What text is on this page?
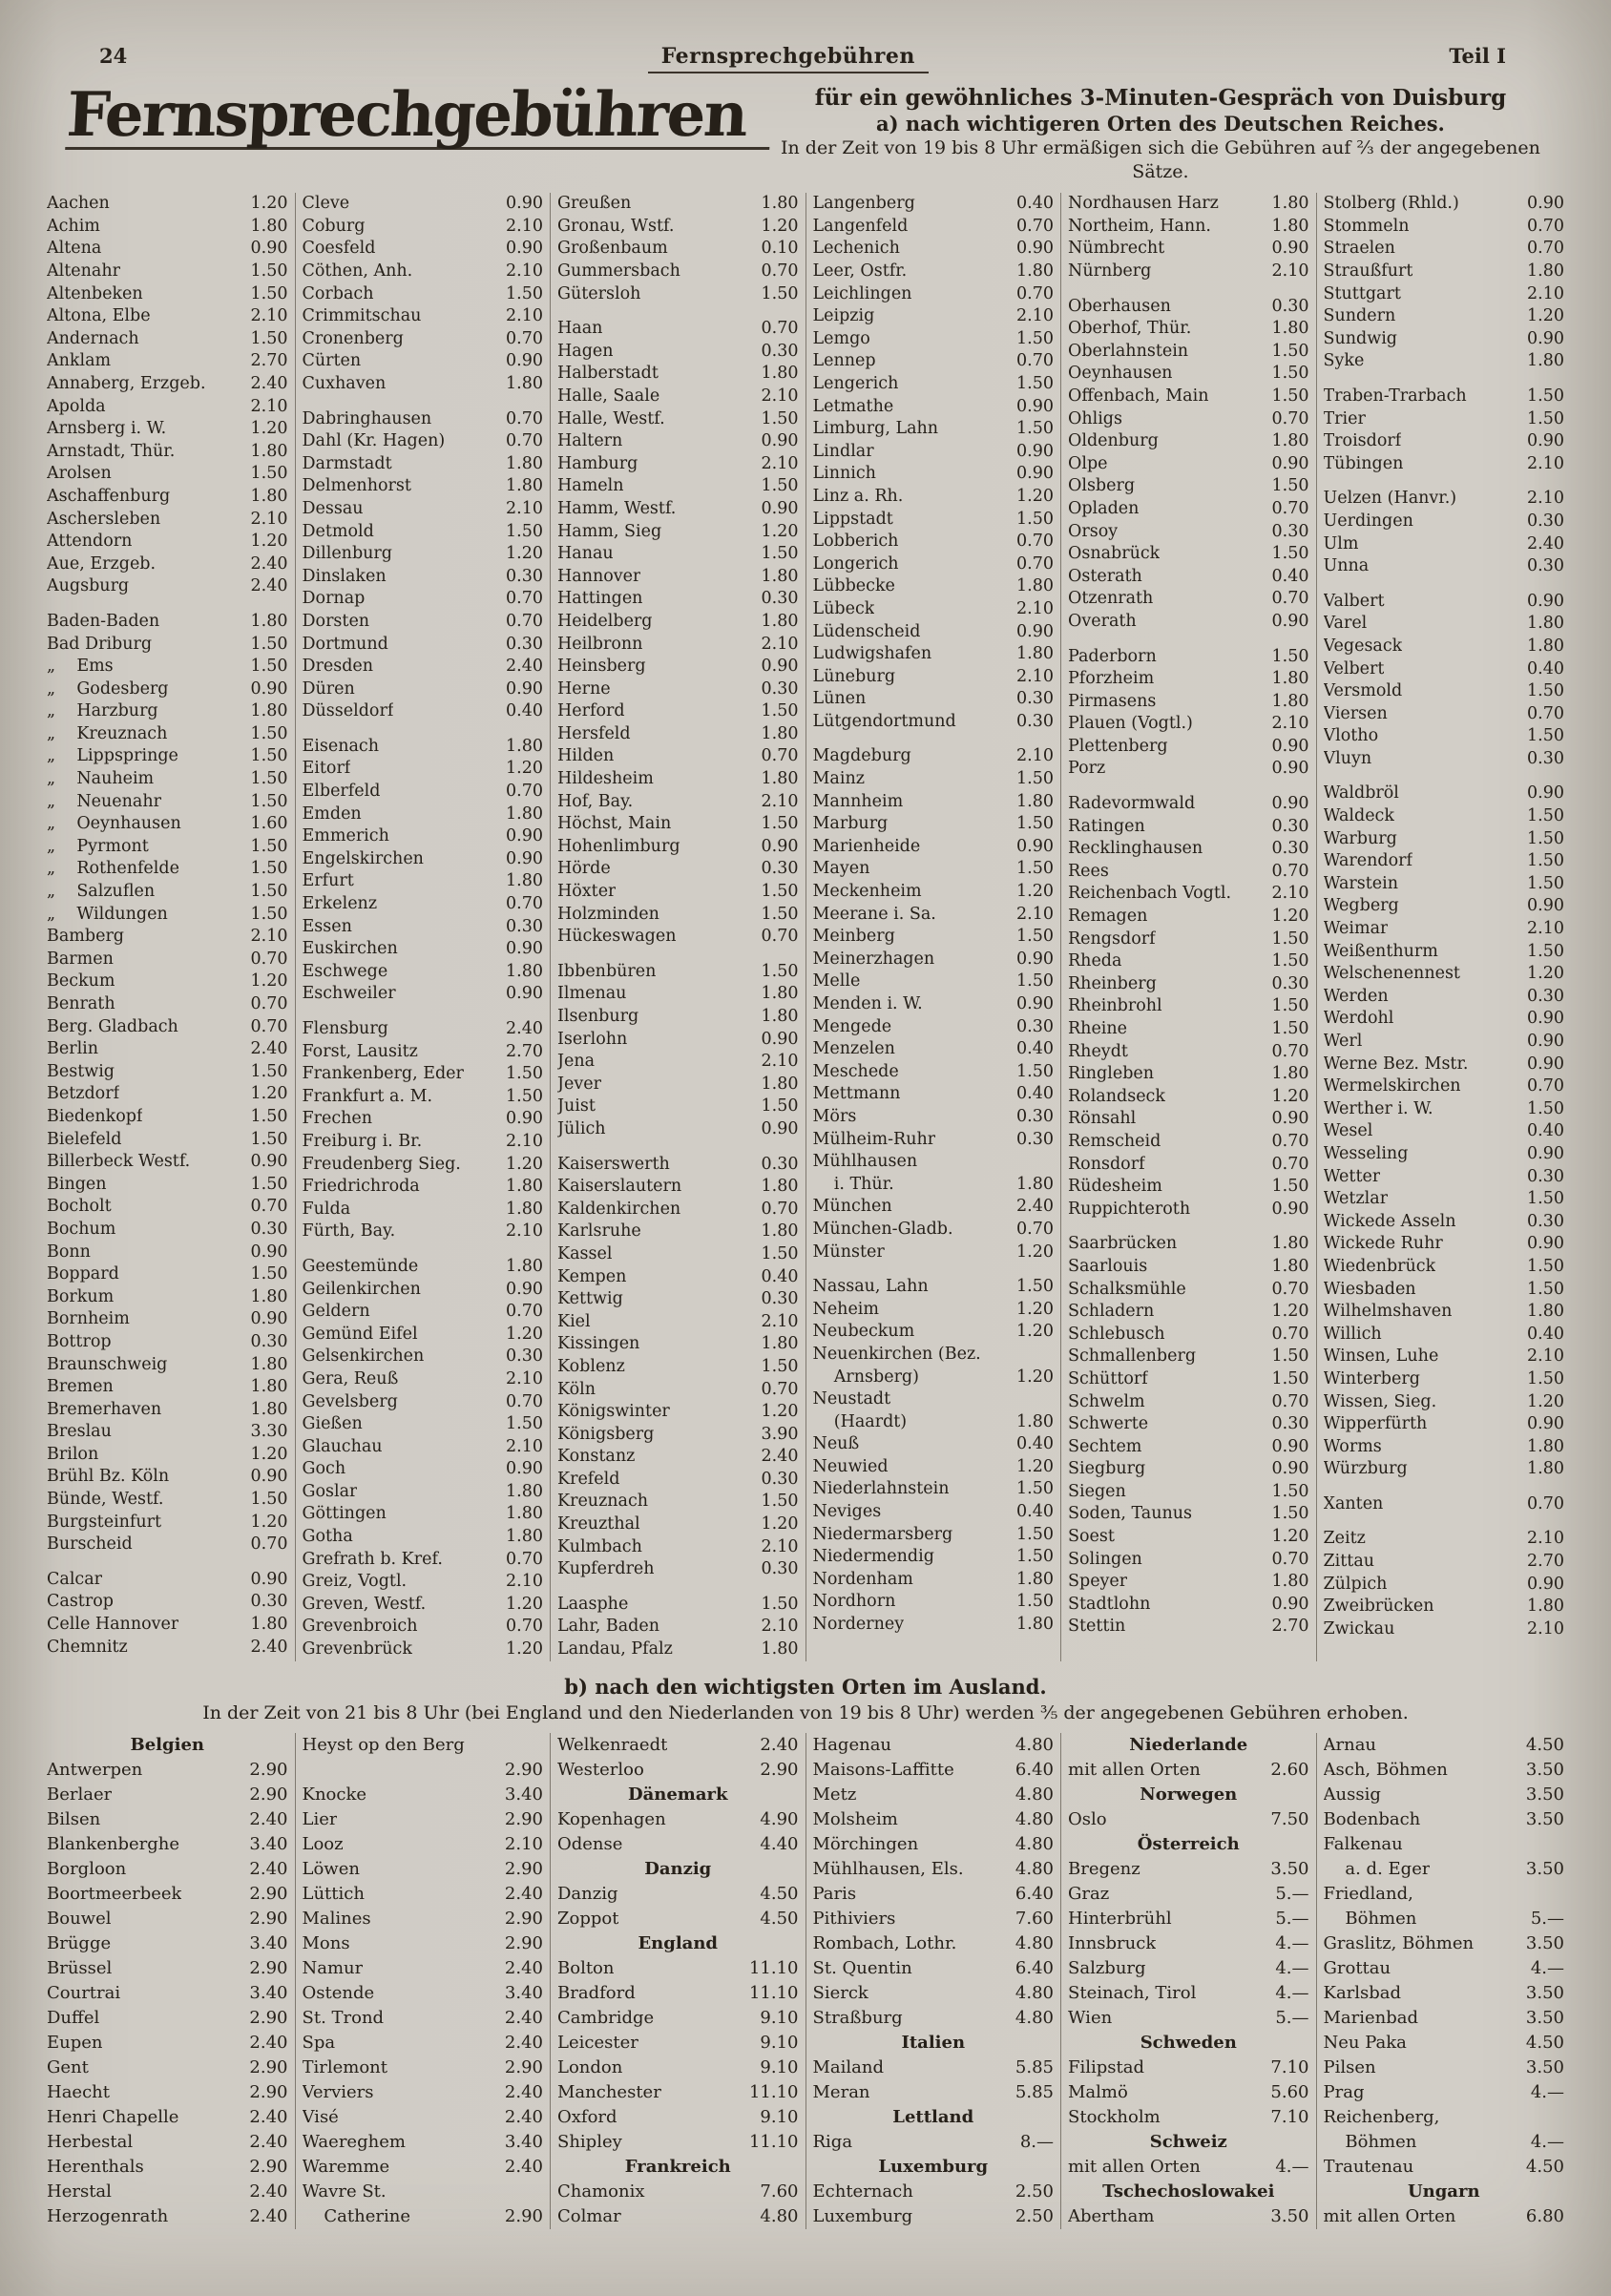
24	Fernsprechgebühren	Teil I
Fernsprechgebühren	für ein gewöhnliches 3-Minuten-Gespräch von Duisburg
a) nach wichtigeren Orten des Deutschen Reiches.
In der Zeit von 19 bis 8 Uhr ermäßigen sich die Gebühren auf ²⁄₃ der angegebenen Sätze.
Aachen	1.20
Achim	1.80
Altena	0.90
Altenahr	1.50
Altenbeken	1.50
Altona, Elbe	2.10
Andernach	1.50
Anklam	2.70
Annaberg, Erzgeb.	2.40
Apolda	2.10
Arnsberg i. W.	1.20
Arnstadt, Thür.	1.80
Arolsen	1.50
Aschaffenburg	1.80
Aschersleben	2.10
Attendorn	1.20
Aue, Erzgeb.	2.40
Augsburg	2.40
Baden-Baden	1.80
Bad Driburg	1.50
„    Ems	1.50
„    Godesberg	0.90
„    Harzburg	1.80
„    Kreuznach	1.50
„    Lippspringe	1.50
„    Nauheim	1.50
„    Neuenahr	1.50
„    Oeynhausen	1.60
„    Pyrmont	1.50
„    Rothenfelde	1.50
„    Salzuflen	1.50
„    Wildungen	1.50
Bamberg	2.10
Barmen	0.70
Beckum	1.20
Benrath	0.70
Berg. Gladbach	0.70
Berlin	2.40
Bestwig	1.50
Betzdorf	1.20
Biedenkopf	1.50
Bielefeld	1.50
Billerbeck Westf.	0.90
Bingen	1.50
Bocholt	0.70
Bochum	0.30
Bonn	0.90
Boppard	1.50
Borkum	1.80
Bornheim	0.90
Bottrop	0.30
Braunschweig	1.80
Bremen	1.80
Bremerhaven	1.80
Breslau	3.30
Brilon	1.20
Brühl Bz. Köln	0.90
Bünde, Westf.	1.50
Burgsteinfurt	1.20
Burscheid	0.70
Calcar	0.90
Castrop	0.30
Celle Hannover	1.80
Chemnitz	2.40
Cleve	0.90
Coburg	2.10
Coesfeld	0.90
Cöthen, Anh.	2.10
Corbach	1.50
Crimmitschau	2.10
Cronenberg	0.70
Cürten	0.90
Cuxhaven	1.80
Dabringhausen	0.70
Dahl (Kr. Hagen)	0.70
Darmstadt	1.80
Delmenhorst	1.80
Dessau	2.10
Detmold	1.50
Dillenburg	1.20
Dinslaken	0.30
Dornap	0.70
Dorsten	0.70
Dortmund	0.30
Dresden	2.40
Düren	0.90
Düsseldorf	0.40
Eisenach	1.80
Eitorf	1.20
Elberfeld	0.70
Emden	1.80
Emmerich	0.90
Engelskirchen	0.90
Erfurt	1.80
Erkelenz	0.70
Essen	0.30
Euskirchen	0.90
Eschwege	1.80
Eschweiler	0.90
Flensburg	2.40
Forst, Lausitz	2.70
Frankenberg, Eder	1.50
Frankfurt a. M.	1.50
Frechen	0.90
Freiburg i. Br.	2.10
Freudenberg Sieg.	1.20
Friedrichroda	1.80
Fulda	1.80
Fürth, Bay.	2.10
Geestemünde	1.80
Geilenkirchen	0.90
Geldern	0.70
Gemünd Eifel	1.20
Gelsenkirchen	0.30
Gera, Reuß	2.10
Gevelsberg	0.70
Gießen	1.50
Glauchau	2.10
Goch	0.90
Goslar	1.80
Göttingen	1.80
Gotha	1.80
Grefrath b. Kref.	0.70
Greiz, Vogtl.	2.10
Greven, Westf.	1.20
Grevenbroich	0.70
Grevenbrück	1.20
Greußen	1.80
Gronau, Wstf.	1.20
Großenbaum	0.10
Gummersbach	0.70
Gütersloh	1.50
Haan	0.70
Hagen	0.30
Halberstadt	1.80
Halle, Saale	2.10
Halle, Westf.	1.50
Haltern	0.90
Hamburg	2.10
Hameln	1.50
Hamm, Westf.	0.90
Hamm, Sieg	1.20
Hanau	1.50
Hannover	1.80
Hattingen	0.30
Heidelberg	1.80
Heilbronn	2.10
Heinsberg	0.90
Herne	0.30
Herford	1.50
Hersfeld	1.80
Hilden	0.70
Hildesheim	1.80
Hof, Bay.	2.10
Höchst, Main	1.50
Hohenlimburg	0.90
Hörde	0.30
Höxter	1.50
Holzminden	1.50
Hückeswagen	0.70
Ibbenbüren	1.50
Ilmenau	1.80
Ilsenburg	1.80
Iserlohn	0.90
Jena	2.10
Jever	1.80
Juist	1.50
Jülich	0.90
Kaiserswerth	0.30
Kaiserslautern	1.80
Kaldenkirchen	0.70
Karlsruhe	1.80
Kassel	1.50
Kempen	0.40
Kettwig	0.30
Kiel	2.10
Kissingen	1.80
Koblenz	1.50
Köln	0.70
Königswinter	1.20
Königsberg	3.90
Konstanz	2.40
Krefeld	0.30
Kreuznach	1.50
Kreuzthal	1.20
Kulmbach	2.10
Kupferdreh	0.30
Laasphe	1.50
Lahr, Baden	2.10
Landau, Pfalz	1.80
Langenberg	0.40
Langenfeld	0.70
Lechenich	0.90
Leer, Ostfr.	1.80
Leichlingen	0.70
Leipzig	2.10
Lemgo	1.50
Lennep	0.70
Lengerich	1.50
Letmathe	0.90
Limburg, Lahn	1.50
Lindlar	0.90
Linnich	0.90
Linz a. Rh.	1.20
Lippstadt	1.50
Lobberich	0.70
Longerich	0.70
Lübbecke	1.80
Lübeck	2.10
Lüdenscheid	0.90
Ludwigshafen	1.80
Lüneburg	2.10
Lünen	0.30
Lütgendortmund	0.30
Magdeburg	2.10
Mainz	1.50
Mannheim	1.80
Marburg	1.50
Marienheide	0.90
Mayen	1.50
Meckenheim	1.20
Meerane i. Sa.	2.10
Meinberg	1.50
Meinerzhagen	0.90
Melle	1.50
Menden i. W.	0.90
Mengede	0.30
Menzelen	0.40
Meschede	1.50
Mettmann	0.40
Mörs	0.30
Mülheim-Ruhr	0.30
Mühlhausen
i. Thür.	1.80
München	2.40
München-Gladb.	0.70
Münster	1.20
Nassau, Lahn	1.50
Neheim	1.20
Neubeckum	1.20
Neuenkirchen (Bez.
Arnsberg)	1.20
Neustadt
(Haardt)	1.80
Neuß	0.40
Neuwied	1.20
Niederlahnstein	1.50
Neviges	0.40
Niedermarsberg	1.50
Niedermendig	1.50
Nordenham	1.80
Nordhorn	1.50
Norderney	1.80
Nordhausen Harz	1.80
Northeim, Hann.	1.80
Nümbrecht	0.90
Nürnberg	2.10
Oberhausen	0.30
Oberhof, Thür.	1.80
Oberlahnstein	1.50
Oeynhausen	1.50
Offenbach, Main	1.50
Ohligs	0.70
Oldenburg	1.80
Olpe	0.90
Olsberg	1.50
Opladen	0.70
Orsoy	0.30
Osnabrück	1.50
Osterath	0.40
Otzenrath	0.70
Overath	0.90
Paderborn	1.50
Pforzheim	1.80
Pirmasens	1.80
Plauen (Vogtl.)	2.10
Plettenberg	0.90
Porz	0.90
Radevormwald	0.90
Ratingen	0.30
Recklinghausen	0.30
Rees	0.70
Reichenbach Vogtl. 2.10
Remagen	1.20
Rengsdorf	1.50
Rheda	1.50
Rheinberg	0.30
Rheinbrohl	1.50
Rheine	1.50
Rheydt	0.70
Ringleben	1.80
Rolandseck	1.20
Rönsahl	0.90
Remscheid	0.70
Ronsdorf	0.70
Rüdesheim	1.50
Ruppichteroth	0.90
Saarbrücken	1.80
Saarlouis	1.80
Schalksmühle	0.70
Schladern	1.20
Schlebusch	0.70
Schmallenberg	1.50
Schüttorf	1.50
Schwelm	0.70
Schwerte	0.30
Sechtem	0.90
Siegburg	0.90
Siegen	1.50
Soden, Taunus	1.50
Soest	1.20
Solingen	0.70
Speyer	1.80
Stadtlohn	0.90
Stettin	2.70
Stolberg (Rhld.)	0.90
Stommeln	0.70
Straelen	0.70
Straußfurt	1.80
Stuttgart	2.10
Sundern	1.20
Sundwig	0.90
Syke	1.80
Traben-Trarbach	1.50
Trier	1.50
Troisdorf	0.90
Tübingen	2.10
Uelzen (Hanvr.)	2.10
Uerdingen	0.30
Ulm	2.40
Unna	0.30
Valbert	0.90
Varel	1.80
Vegesack	1.80
Velbert	0.40
Versmold	1.50
Viersen	0.70
Vlotho	1.50
Vluyn	0.30
Waldbröl	0.90
Waldeck	1.50
Warburg	1.50
Warendorf	1.50
Warstein	1.50
Wegberg	0.90
Weimar	2.10
Weißenthurm	1.50
Welschenennest	1.20
Werden	0.30
Werdohl	0.90
Werl	0.90
Werne Bez. Mstr.	0.90
Wermelskirchen	0.70
Werther i. W.	1.50
Wesel	0.40
Wesseling	0.90
Wetter	0.30
Wetzlar	1.50
Wickede Asseln	0.30
Wickede Ruhr	0.90
Wiedenbrück	1.50
Wiesbaden	1.50
Wilhelmshaven	1.80
Willich	0.40
Winsen, Luhe	2.10
Winterberg	1.50
Wissen, Sieg.	1.20
Wipperfürth	0.90
Worms	1.80
Würzburg	1.80
Xanten	0.70
Zeitz	2.10
Zittau	2.70
Zülpich	0.90
Zweibrücken	1.80
Zwickau	2.10
b) nach den wichtigsten Orten im Ausland.
In der Zeit von 21 bis 8 Uhr (bei England und den Niederlanden von 19 bis 8 Uhr) werden ³⁄₅ der angegebenen Gebühren erhoben.
Belgien
Antwerpen	2.90
Berlaer	2.90
Bilsen	2.40
Blankenberghe	3.40
Borgloon	2.40
Boortmeerbeek	2.90
Bouwel	2.90
Brügge	3.40
Brüssel	2.90
Courtrai	3.40
Duffel	2.90
Eupen	2.40
Gent	2.90
Haecht	2.90
Henri Chapelle	2.40
Herbestal	2.40
Herenthals	2.90
Herstal	2.40
Herzogenrath	2.40
Heyst op den Berg
2.90
Knocke	3.40
Lier	2.90
Looz	2.10
Löwen	2.90
Lüttich	2.40
Malines	2.90
Mons	2.90
Namur	2.40
Ostende	3.40
St. Trond	2.40
Spa	2.40
Tirlemont	2.90
Verviers	2.40
Visé	2.40
Waereghem	3.40
Waremme	2.40
Wavre St.
Catherine	2.90
Welkenraedt	2.40
Westerloo	2.90
Dänemark
Kopenhagen	4.90
Odense	4.40
Danzig
Danzig	4.50
Zoppot	4.50
England
Bolton	11.10
Bradford	11.10
Cambridge	9.10
Leicester	9.10
London	9.10
Manchester	11.10
Oxford	9.10
Shipley	11.10
Frankreich
Chamonix	7.60
Colmar	4.80
Hagenau	4.80
Maisons-Laffitte	6.40
Metz	4.80
Molsheim	4.80
Mörchingen	4.80
Mühlhausen, Els.	4.80
Paris	6.40
Pithiviers	7.60
Rombach, Lothr.	4.80
St. Quentin	6.40
Sierck	4.80
Straßburg	4.80
Italien
Mailand	5.85
Meran	5.85
Lettland
Riga	8.—
Luxemburg
Echternach	2.50
Luxemburg	2.50
Niederlande
mit allen Orten	2.60
Norwegen
Oslo	7.50
Österreich
Bregenz	3.50
Graz	5.—
Hinterbrühl	5.—
Innsbruck	4.—
Salzburg	4.—
Steinach, Tirol	4.—
Wien	5.—
Schweden
Filipstad	7.10
Malmö	5.60
Stockholm	7.10
Schweiz
mit allen Orten	4.—
Tschechoslowakei
Abertham	3.50
Arnau	4.50
Asch, Böhmen	3.50
Aussig	3.50
Bodenbach	3.50
Falkenau
a. d. Eger	3.50
Friedland,
Böhmen	5.—
Graslitz, Böhmen	3.50
Grottau	4.—
Karlsbad	3.50
Marienbad	3.50
Neu Paka	4.50
Pilsen	3.50
Prag	4.—
Reichenberg,
Böhmen	4.—
Trautenau	4.50
Ungarn
mit allen Orten	6.80
